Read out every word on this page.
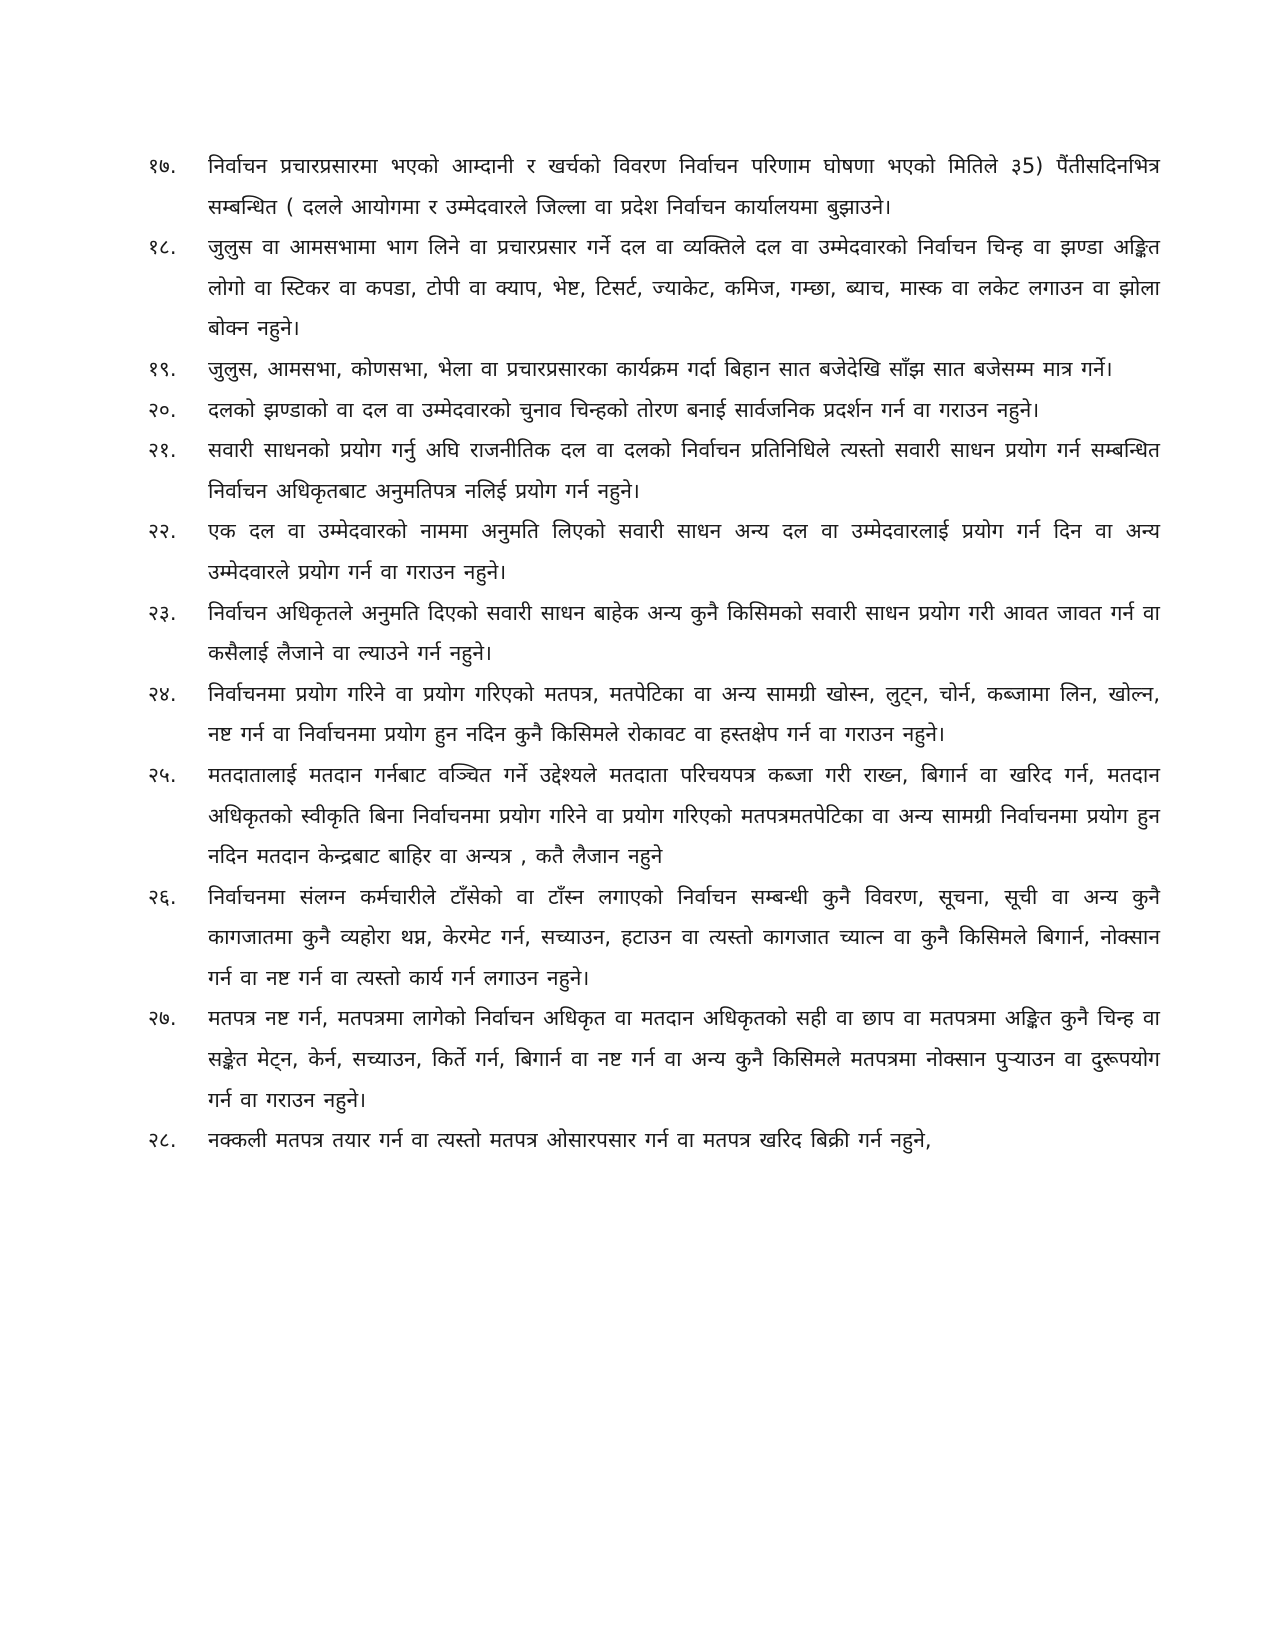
१७.	निर्वाचन प्रचारप्रसारमा भएको आम्दानी र खर्चको विवरण निर्वाचन परिणाम घोषणा भएको मितिले ३5) पैंतीसदिनभित्र सम्बन्धित ( दलले आयोगमा र उम्मेदवारले जिल्ला वा प्रदेश निर्वाचन कार्यालयमा बुझाउने।
१८.	जुलुस वा आमसभामा भाग लिने वा प्रचारप्रसार गर्ने दल वा व्यक्तिले दल वा उम्मेदवारको निर्वाचन चिन्ह वा झण्डा अङ्कित लोगो वा स्टिकर वा कपडा, टोपी वा क्याप, भेष्ट, टिसर्ट, ज्याकेट, कमिज, गम्छा, ब्याच, मास्क वा लकेट लगाउन वा झोला बोक्न नहुने।
१९.	जुलुस, आमसभा, कोणसभा, भेला वा प्रचारप्रसारका कार्यक्रम गर्दा बिहान सात बजेदेखि साँझ सात बजेसम्म मात्र गर्ने।
२०.	दलको झण्डाको वा दल वा उम्मेदवारको चुनाव चिन्हको तोरण बनाई सार्वजनिक प्रदर्शन गर्न वा गराउन नहुने।
२१.	सवारी साधनको प्रयोग गर्नु अघि राजनीतिक दल वा दलको निर्वाचन प्रतिनिधिले त्यस्तो सवारी साधन प्रयोग गर्न सम्बन्धित निर्वाचन अधिकृतबाट अनुमतिपत्र नलिई प्रयोग गर्न नहुने।
२२.	एक दल वा उम्मेदवारको नाममा अनुमति लिएको सवारी साधन अन्य दल वा उम्मेदवारलाई प्रयोग गर्न दिन वा अन्य उम्मेदवारले प्रयोग गर्न वा गराउन नहुने।
२३.	निर्वाचन अधिकृतले अनुमति दिएको सवारी साधन बाहेक अन्य कुनै किसिमको सवारी साधन प्रयोग गरी आवत जावत गर्न वा कसैलाई लैजाने वा ल्याउने गर्न नहुने।
२४.	निर्वाचनमा प्रयोग गरिने वा प्रयोग गरिएको मतपत्र, मतपेटिका वा अन्य सामग्री खोस्न, लुट्न, चोर्न, कब्जामा लिन, खोल्न, नष्ट गर्न वा निर्वाचनमा प्रयोग हुन नदिन कुनै किसिमले रोकावट वा हस्तक्षेप गर्न वा गराउन नहुने।
२५.	मतदातालाई मतदान गर्नबाट वञ्चित गर्ने उद्देश्यले मतदाता परिचयपत्र कब्जा गरी राख्न, बिगार्न वा खरिद गर्न, मतदान अधिकृतको स्वीकृति बिना निर्वाचनमा प्रयोग गरिने वा प्रयोग गरिएको मतपत्रमतपेटिका वा अन्य सामग्री निर्वाचनमा प्रयोग हुन नदिन मतदान केन्द्रबाट बाहिर वा अन्यत्र , कतै लैजान नहुने
२६.	निर्वाचनमा संलग्न कर्मचारीले टाँसेको वा टाँस्न लगाएको निर्वाचन सम्बन्धी कुनै विवरण, सूचना, सूची वा अन्य कुनै कागजातमा कुनै व्यहोरा थप्न, केरमेट गर्न, सच्याउन, हटाउन वा त्यस्तो कागजात च्यात्न वा कुनै किसिमले बिगार्न, नोक्सान गर्न वा नष्ट गर्न वा त्यस्तो कार्य गर्न लगाउन नहुने।
२७.	मतपत्र नष्ट गर्न, मतपत्रमा लागेको निर्वाचन अधिकृत वा मतदान अधिकृतको सही वा छाप वा मतपत्रमा अङ्कित कुनै चिन्ह वा सङ्केत मेट्न, केर्न, सच्याउन, किर्ते गर्न, बिगार्न वा नष्ट गर्न वा अन्य कुनै किसिमले मतपत्रमा नोक्सान पुर्‍याउन वा दुरूपयोग गर्न वा गराउन नहुने।
२८.	नक्कली मतपत्र तयार गर्न वा त्यस्तो मतपत्र ओसारपसार गर्न वा मतपत्र खरिद बिक्री गर्न नहुने,
